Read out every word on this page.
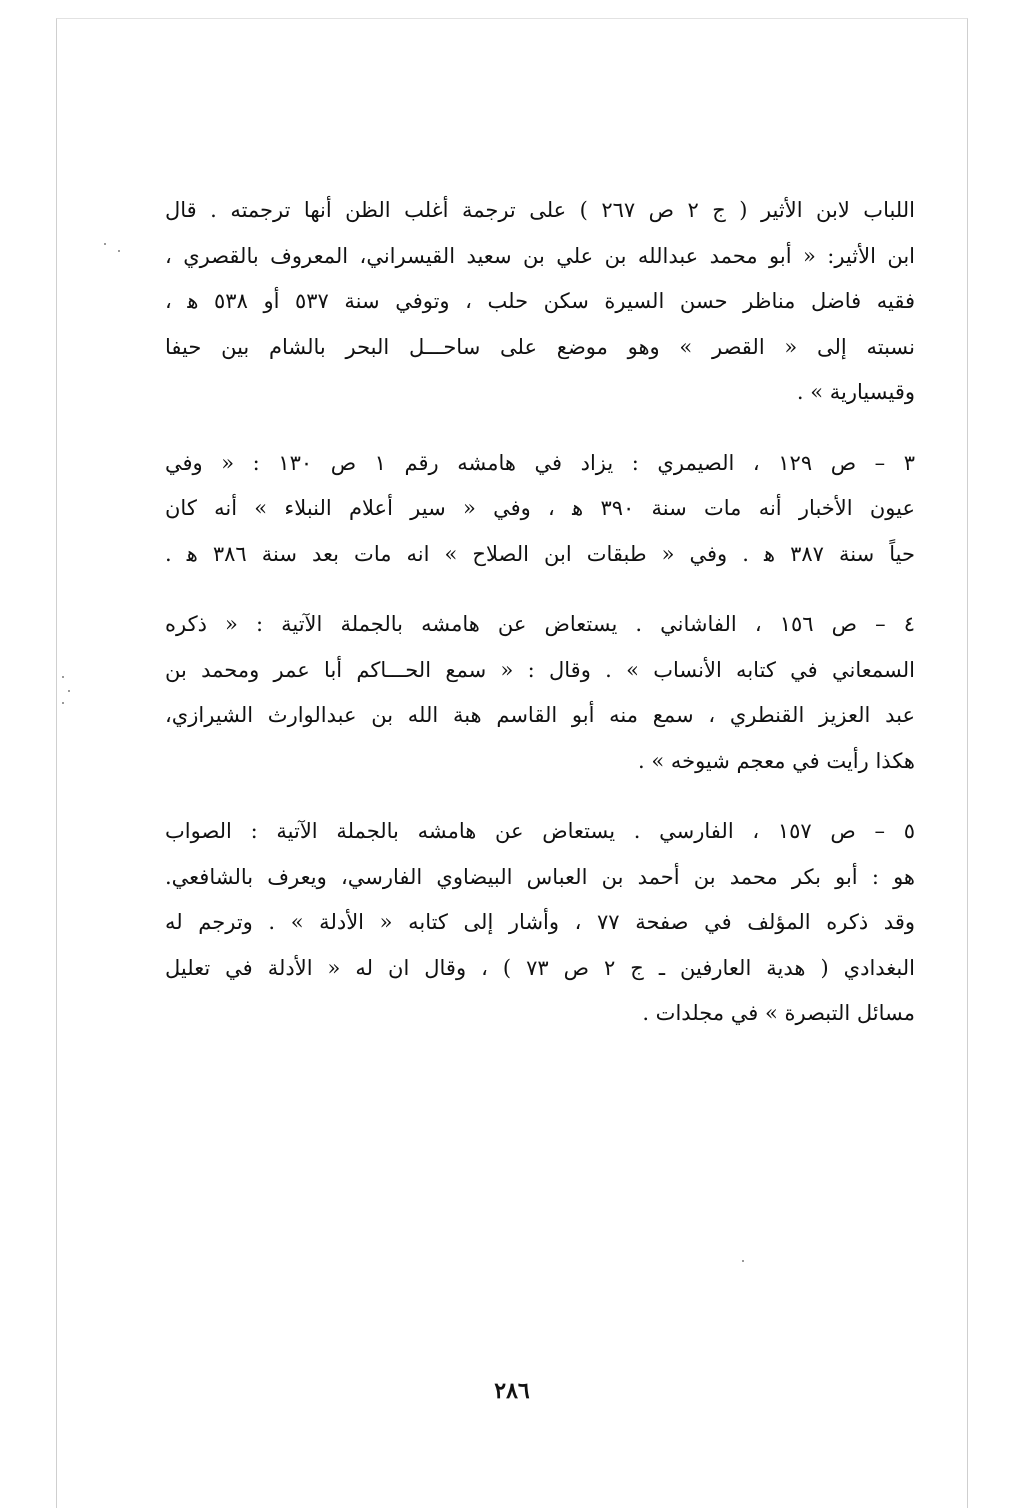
اللباب لابن الأثير ( ج ٢ ص ٢٦٧ ) على ترجمة أغلب الظن أنها ترجمته . قال
ابن الأثير: « أبو محمد عبدالله بن علي بن سعيد القيسراني، المعروف بالقصري ،
فقيه فاضل مناظر حسن السيرة سكن حلب ، وتوفي سنة ٥٣٧ أو ٥٣٨ ﻫ ،
نسبته إلى « القصر » وهو موضع على ساحـــل البحر بالشام بين حيفا
وقيسيارية » .
٣ – ص ١٢٩ ، الصيمري : يزاد في هامشه رقم ١ ص ١٣٠ : « وفي
عيون الأخبار أنه مات سنة ٣٩٠ ﻫ ، وفي « سير أعلام النبلاء » أنه كان
حياً سنة ٣٨٧ ﻫ . وفي « طبقات ابن الصلاح » انه مات بعد سنة ٣٨٦ ﻫ .
٤ – ص ١٥٦ ، الفاشاني . يستعاض عن هامشه بالجملة الآتية : « ذكره
السمعاني في كتابه الأنساب » . وقال : « سمع الحـــاكم أبا عمر ومحمد بن
عبد العزيز القنطري ، سمع منه أبو القاسم هبة الله بن عبدالوارث الشيرازي،
هكذا رأيت في معجم شيوخه » .
٥ – ص ١٥٧ ، الفارسي . يستعاض عن هامشه بالجملة الآتية : الصواب
هو : أبو بكر محمد بن أحمد بن العباس البيضاوي الفارسي، ويعرف بالشافعي.
وقد ذكره المؤلف في صفحة ٧٧ ، وأشار إلى كتابه « الأدلة » . وترجم له
البغدادي ( هدية العارفين ـ ج ٢ ص ٧٣ ) ، وقال ان له « الأدلة في تعليل
مسائل التبصرة » في مجلدات .
٢٨٦
